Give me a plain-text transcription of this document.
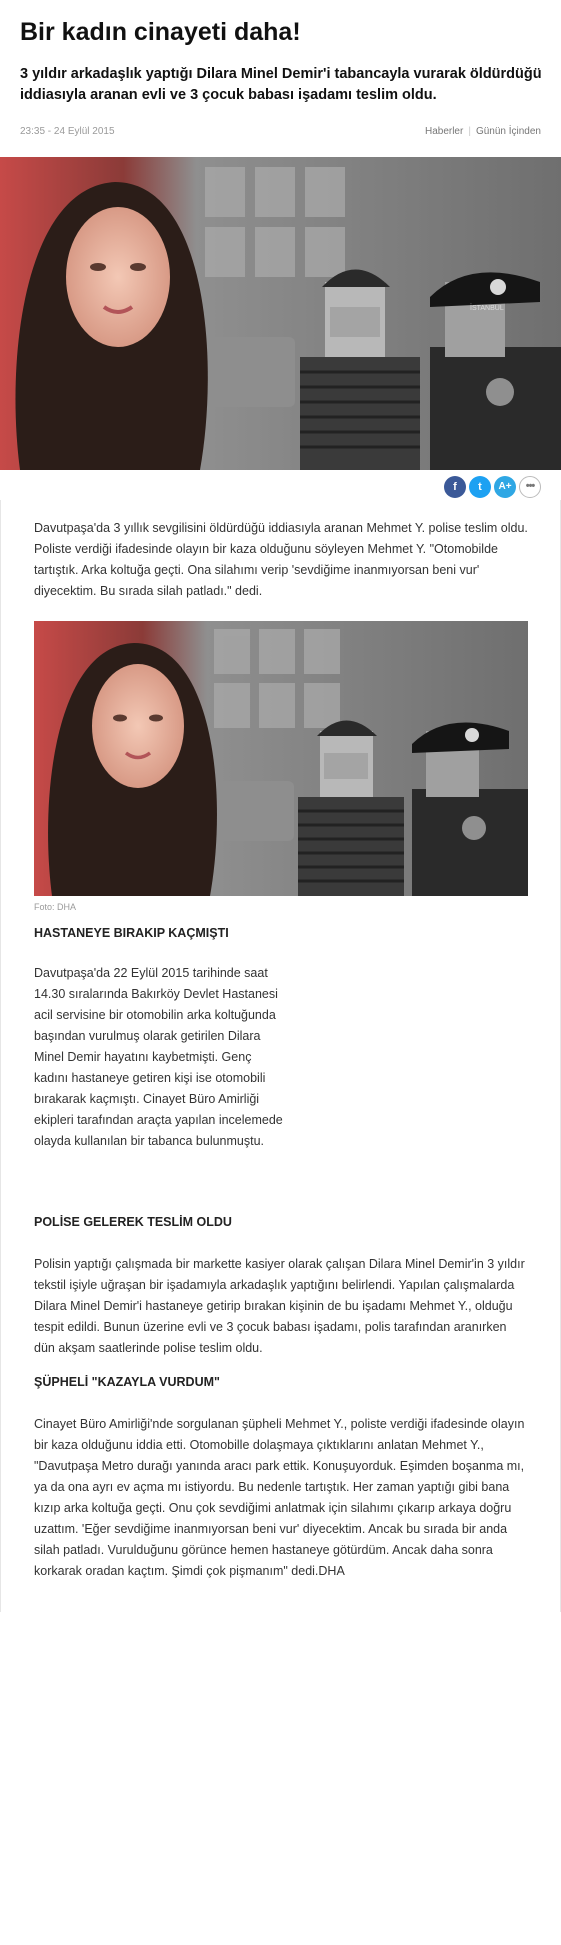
Bir kadın cinayeti daha!

3 yıldır arkadaşlık yaptığı Dilara Minel Demir'i tabancayla vurarak öldürdüğü iddiasıyla aranan evli ve 3 çocuk babası işadamı teslim oldu.

23:35 - 24 Eylül 2015	Haberler | Günün İçinden
İSTANBUL
f t A+ •••

Davutpaşa'da 3 yıllık sevgilisini öldürdüğü iddiasıyla aranan Mehmet Y. polise teslim oldu. Poliste verdiği ifadesinde olayın bir kaza olduğunu söyleyen Mehmet Y. "Otomobilde tartıştık. Arka koltuğa geçti. Ona silahımı verip 'sevdiğime inanmıyorsan beni vur' diyecektim. Bu sırada silah patladı." dedi.

Foto: DHA
HASTANEYE BIRAKIP KAÇMIŞTI

Davutpaşa'da 22 Eylül 2015 tarihinde saat 14.30 sıralarında Bakırköy Devlet Hastanesi acil servisine bir otomobilin arka koltuğunda başından vurulmuş olarak getirilen Dilara Minel Demir hayatını kaybetmişti. Genç kadını hastaneye getiren kişi ise otomobili bırakarak kaçmıştı. Cinayet Büro Amirliği ekipleri tarafından araçta yapılan incelemede olayda kullanılan bir tabanca bulunmuştu.

POLİSE GELEREK TESLİM OLDU

Polisin yaptığı çalışmada bir markette kasiyer olarak çalışan Dilara Minel Demir'in 3 yıldır tekstil işiyle uğraşan bir işadamıyla arkadaşlık yaptığını belirlendi. Yapılan çalışmalarda Dilara Minel Demir'i hastaneye getirip bırakan kişinin de bu işadamı Mehmet Y., olduğu tespit edildi. Bunun üzerine evli ve 3 çocuk babası işadamı, polis tarafından aranırken dün akşam saatlerinde polise teslim oldu.

ŞÜPHELİ "KAZAYLA VURDUM"

Cinayet Büro Amirliği'nde sorgulanan şüpheli Mehmet Y., poliste verdiği ifadesinde olayın bir kaza olduğunu iddia etti. Otomobille dolaşmaya çıktıklarını anlatan Mehmet Y., "Davutpaşa Metro durağı yanında aracı park ettik. Konuşuyorduk. Eşimden boşanma mı, ya da ona ayrı ev açma mı istiyordu. Bu nedenle tartıştık. Her zaman yaptığı gibi bana kızıp arka koltuğa geçti. Onu çok sevdiğimi anlatmak için silahımı çıkarıp arkaya doğru uzattım. 'Eğer sevdiğime inanmıyorsan beni vur' diyecektim. Ancak bu sırada bir anda silah patladı. Vurulduğunu görünce hemen hastaneye götürdüm. Ancak daha sonra korkarak oradan kaçtım. Şimdi çok pişmanım" dedi.DHA
